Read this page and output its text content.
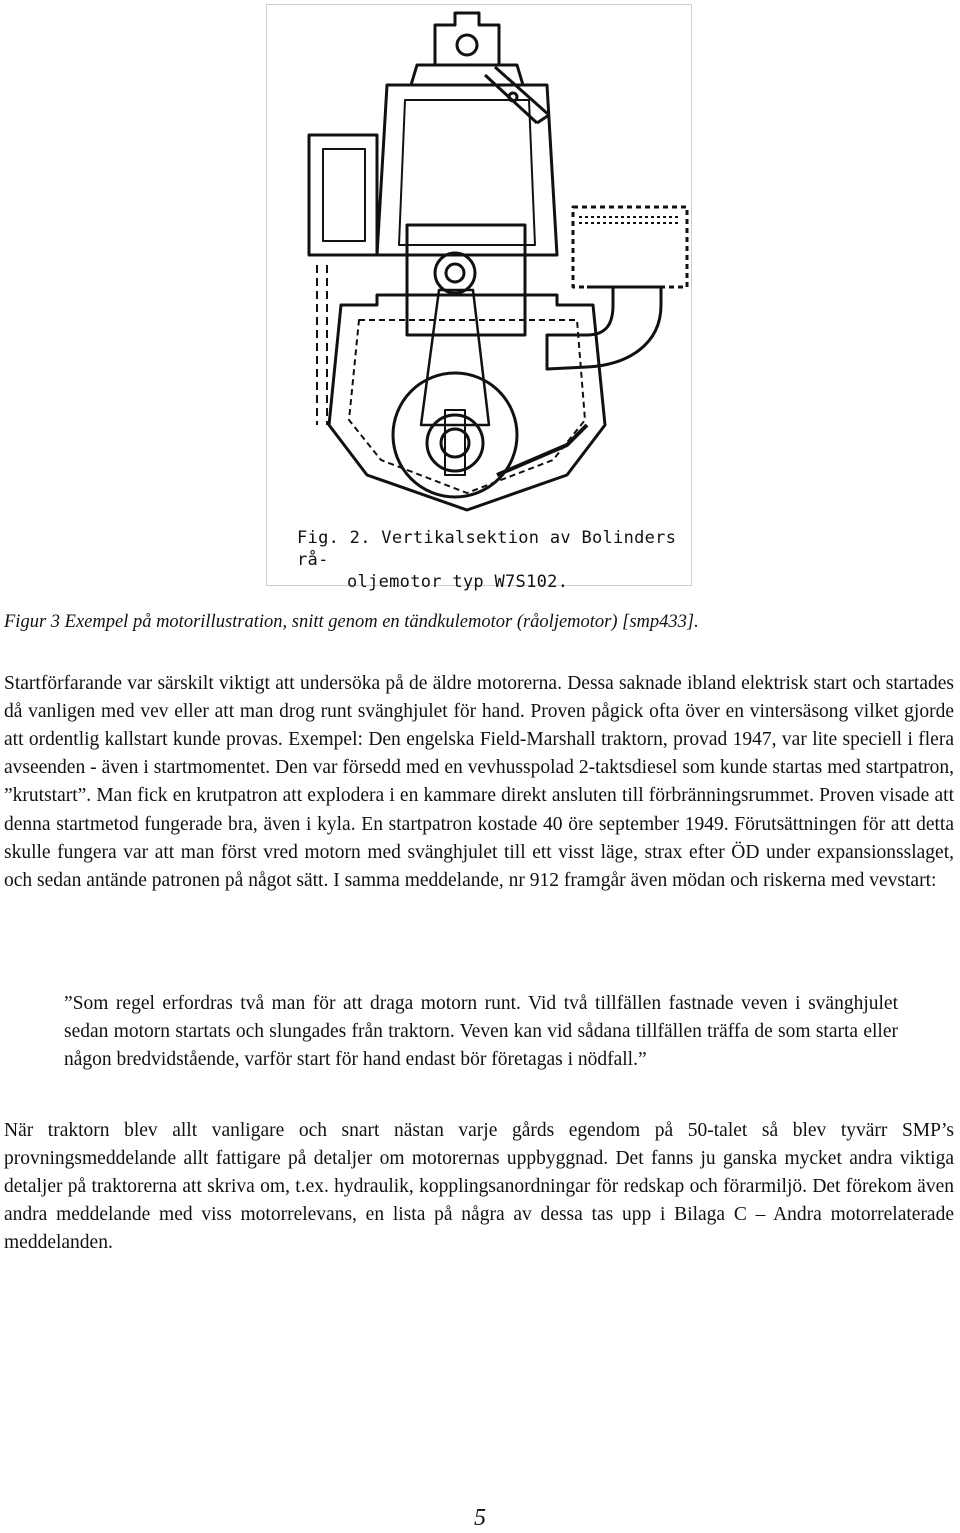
Fig. 2. Vertikalsektion av Bolinders rå-
oljemotor typ W7S102.
Figur 3 Exempel på motorillustration, snitt genom en tändkulemotor (råoljemotor) [smp433].

Startförfarande var särskilt viktigt att undersöka på de äldre motorerna. Dessa saknade ibland elektrisk start och startades då vanligen med vev eller att man drog runt svänghjulet för hand. Proven pågick ofta över en vintersäsong vilket gjorde att ordentlig kallstart kunde provas. Exempel: Den engelska Field-Marshall traktorn, provad 1947, var lite speciell i flera avseenden - även i startmomentet. Den var försedd med en vevhusspolad 2-taktsdiesel som kunde startas med startpatron, ”krutstart”. Man fick en krutpatron att explodera i en kammare direkt ansluten till förbränningsrummet. Proven visade att denna startmetod fungerade bra, även i kyla. En startpatron kostade 40 öre september 1949. Förutsättningen för att detta skulle fungera var att man först vred motorn med svänghjulet till ett visst läge, strax efter ÖD under expansionsslaget, och sedan antände patronen på något sätt. I samma meddelande, nr 912 framgår även mödan och riskerna med vevstart:

”Som regel erfordras två man för att draga motorn runt. Vid två tillfällen fastnade veven i svänghjulet sedan motorn startats och slungades från traktorn. Veven kan vid sådana tillfällen träffa de som starta eller någon bredvidstående, varför start för hand endast bör företagas i nödfall.”

När traktorn blev allt vanligare och snart nästan varje gårds egendom på 50-talet så blev tyvärr SMP’s provningsmeddelande allt fattigare på detaljer om motorernas uppbyggnad. Det fanns ju ganska mycket andra viktiga detaljer på traktorerna att skriva om, t.ex. hydraulik, kopplingsanordningar för redskap och förarmiljö. Det förekom även andra meddelande med viss motorrelevans, en lista på några av dessa tas upp i Bilaga C – Andra motorrelaterade meddelanden.

5
